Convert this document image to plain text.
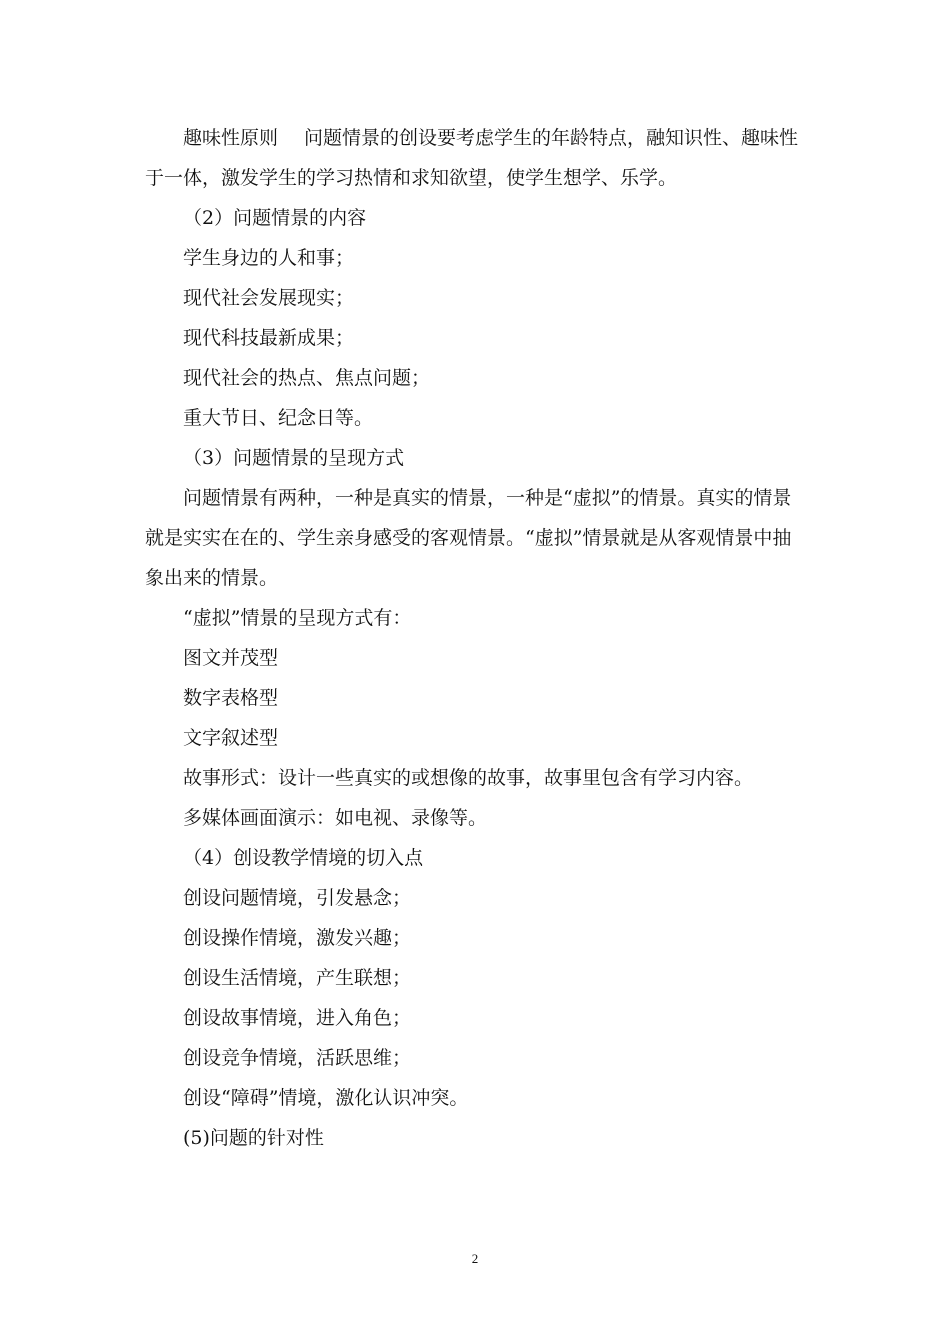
趣味性原则 问题情景的创设要考虑学生的年龄特点，融知识性、趣味性
于一体，激发学生的学习热情和求知欲望，使学生想学、乐学。
（2）问题情景的内容
学生身边的人和事；
现代社会发展现实；
现代科技最新成果；
现代社会的热点、焦点问题；
重大节日、纪念日等。
（3）问题情景的呈现方式
问题情景有两种，一种是真实的情景，一种是“虚拟”的情景。真实的情景
就是实实在在的、学生亲身感受的客观情景。“虚拟”情景就是从客观情景中抽
象出来的情景。
“虚拟”情景的呈现方式有：
图文并茂型
数字表格型
文字叙述型
故事形式：设计一些真实的或想像的故事，故事里包含有学习内容。
多媒体画面演示：如电视、录像等。
（4）创设教学情境的切入点
创设问题情境，引发悬念；
创设操作情境，激发兴趣；
创设生活情境，产生联想；
创设故事情境，进入角色；
创设竞争情境，活跃思维；
创设“障碍”情境，激化认识冲突。
(5)问题的针对性
2
